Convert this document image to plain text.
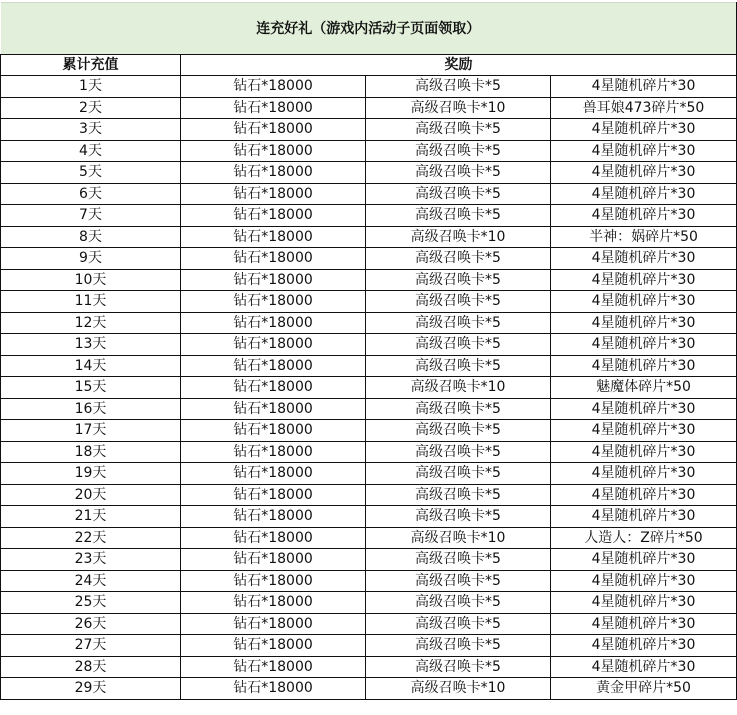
连充好礼（游戏内活动子页面领取）			
累计充值	奖励		
1天	钻石*18000	高级召唤卡*5	4星随机碎片*30
2天	钻石*18000	高级召唤卡*10	兽耳娘473碎片*50
3天	钻石*18000	高级召唤卡*5	4星随机碎片*30
4天	钻石*18000	高级召唤卡*5	4星随机碎片*30
5天	钻石*18000	高级召唤卡*5	4星随机碎片*30
6天	钻石*18000	高级召唤卡*5	4星随机碎片*30
7天	钻石*18000	高级召唤卡*5	4星随机碎片*30
8天	钻石*18000	高级召唤卡*10	半神：娲碎片*50
9天	钻石*18000	高级召唤卡*5	4星随机碎片*30
10天	钻石*18000	高级召唤卡*5	4星随机碎片*30
11天	钻石*18000	高级召唤卡*5	4星随机碎片*30
12天	钻石*18000	高级召唤卡*5	4星随机碎片*30
13天	钻石*18000	高级召唤卡*5	4星随机碎片*30
14天	钻石*18000	高级召唤卡*5	4星随机碎片*30
15天	钻石*18000	高级召唤卡*10	魅魔体碎片*50
16天	钻石*18000	高级召唤卡*5	4星随机碎片*30
17天	钻石*18000	高级召唤卡*5	4星随机碎片*30
18天	钻石*18000	高级召唤卡*5	4星随机碎片*30
19天	钻石*18000	高级召唤卡*5	4星随机碎片*30
20天	钻石*18000	高级召唤卡*5	4星随机碎片*30
21天	钻石*18000	高级召唤卡*5	4星随机碎片*30
22天	钻石*18000	高级召唤卡*10	人造人：Z碎片*50
23天	钻石*18000	高级召唤卡*5	4星随机碎片*30
24天	钻石*18000	高级召唤卡*5	4星随机碎片*30
25天	钻石*18000	高级召唤卡*5	4星随机碎片*30
26天	钻石*18000	高级召唤卡*5	4星随机碎片*30
27天	钻石*18000	高级召唤卡*5	4星随机碎片*30
28天	钻石*18000	高级召唤卡*5	4星随机碎片*30
29天	钻石*18000	高级召唤卡*10	黄金甲碎片*50
